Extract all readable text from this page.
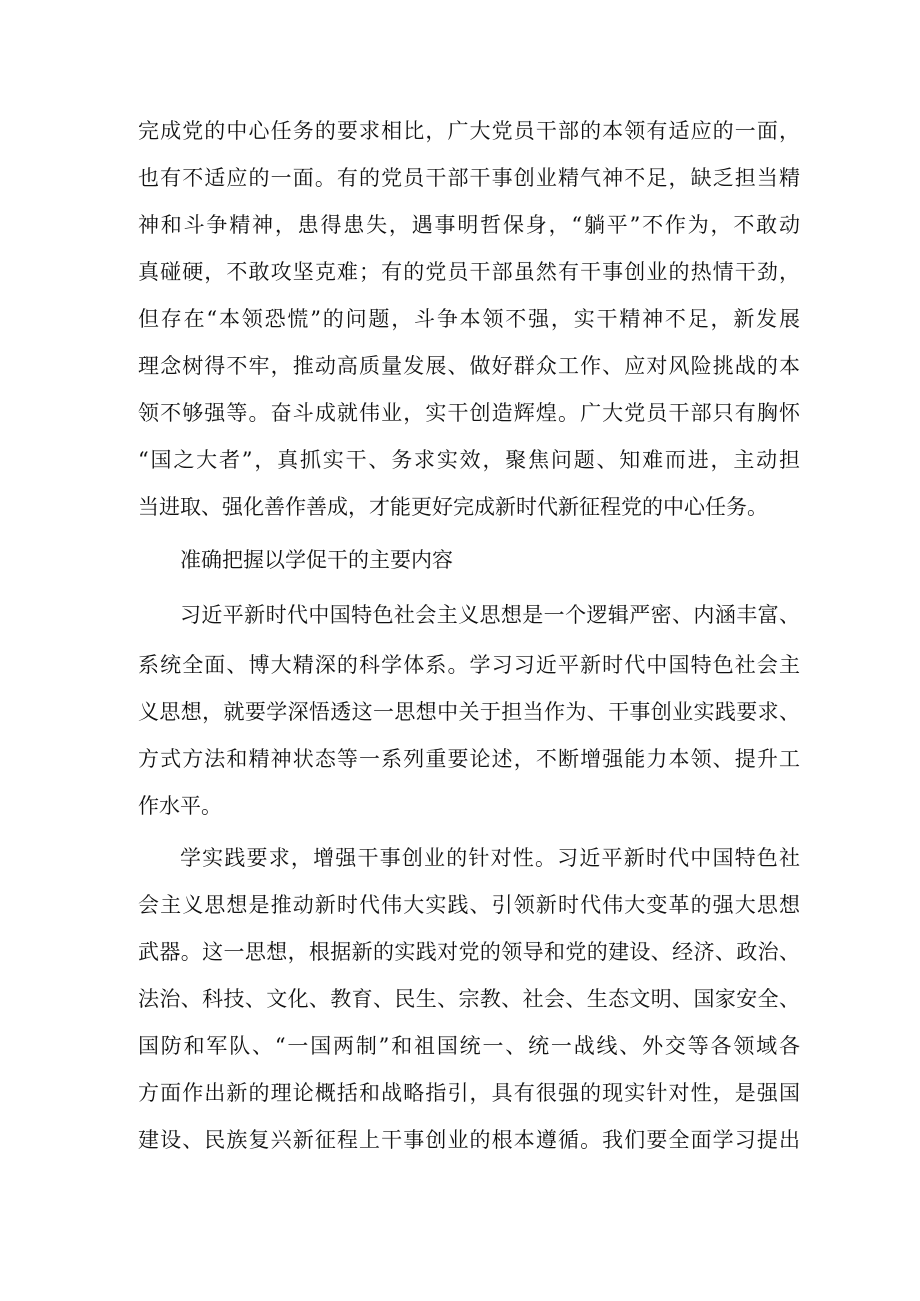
完成党的中心任务的要求相比，广大党员干部的本领有适应的一面，
也有不适应的一面。有的党员干部干事创业精气神不足，缺乏担当精
神和斗争精神，患得患失，遇事明哲保身，“躺平”不作为，不敢动
真碰硬，不敢攻坚克难；有的党员干部虽然有干事创业的热情干劲，
但存在“本领恐慌”的问题，斗争本领不强，实干精神不足，新发展
理念树得不牢，推动高质量发展、做好群众工作、应对风险挑战的本
领不够强等。奋斗成就伟业，实干创造辉煌。广大党员干部只有胸怀
“国之大者”，真抓实干、务求实效，聚焦问题、知难而进，主动担
当进取、强化善作善成，才能更好完成新时代新征程党的中心任务。
准确把握以学促干的主要内容
习近平新时代中国特色社会主义思想是一个逻辑严密、内涵丰富、
系统全面、博大精深的科学体系。学习习近平新时代中国特色社会主
义思想，就要学深悟透这一思想中关于担当作为、干事创业实践要求、
方式方法和精神状态等一系列重要论述，不断增强能力本领、提升工
作水平。
学实践要求，增强干事创业的针对性。习近平新时代中国特色社
会主义思想是推动新时代伟大实践、引领新时代伟大变革的强大思想
武器。这一思想，根据新的实践对党的领导和党的建设、经济、政治、
法治、科技、文化、教育、民生、宗教、社会、生态文明、国家安全、
国防和军队、“一国两制”和祖国统一、统一战线、外交等各领域各
方面作出新的理论概括和战略指引，具有很强的现实针对性，是强国
建设、民族复兴新征程上干事创业的根本遵循。我们要全面学习提出
